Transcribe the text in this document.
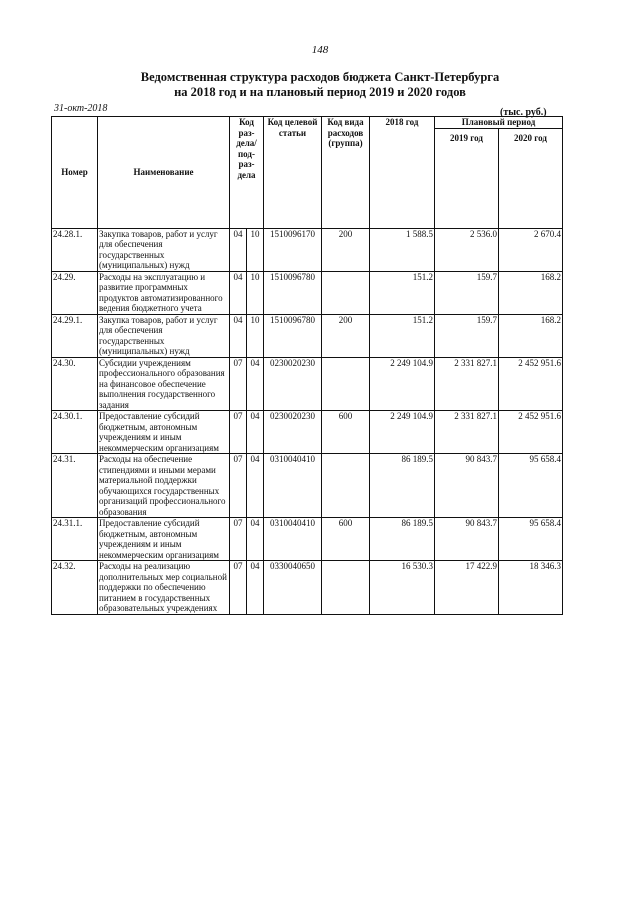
148
Ведомственная структура расходов бюджета Санкт-Петербурга
на 2018 год и на плановый период 2019 и 2020 годов
31-окт-2018	(тыс. руб.)
Номер	Наименование	Код раз-дела/ под-раз-дела		Код целевой статьи	Код вида расходов (группа)	2018 год	Плановый период	
							2019 год	2020 год
24.28.1.	Закупка товаров, работ и услуг для обеспечения государственных (муниципальных) нужд	04	10	1510096170	200	1 588.5	2 536.0	2 670.4
24.29.	Расходы на эксплуатацию и развитие программных продуктов автоматизированного ведения бюджетного учета	04	10	1510096780		151.2	159.7	168.2
24.29.1.	Закупка товаров, работ и услуг для обеспечения государственных (муниципальных) нужд	04	10	1510096780	200	151.2	159.7	168.2
24.30.	Субсидии учреждениям профессионального образования на финансовое обеспечение выполнения государственного задания	07	04	0230020230		2 249 104.9	2 331 827.1	2 452 951.6
24.30.1.	Предоставление субсидий бюджетным, автономным учреждениям и иным некоммерческим организациям	07	04	0230020230	600	2 249 104.9	2 331 827.1	2 452 951.6
24.31.	Расходы на обеспечение стипендиями и иными мерами материальной поддержки обучающихся государственных организаций профессионального образования	07	04	0310040410		86 189.5	90 843.7	95 658.4
24.31.1.	Предоставление субсидий бюджетным, автономным учреждениям и иным некоммерческим организациям	07	04	0310040410	600	86 189.5	90 843.7	95 658.4
24.32.	Расходы на реализацию дополнительных мер социальной поддержки по обеспечению питанием в государственных образовательных учреждениях	07	04	0330040650		16 530.3	17 422.9	18 346.3
